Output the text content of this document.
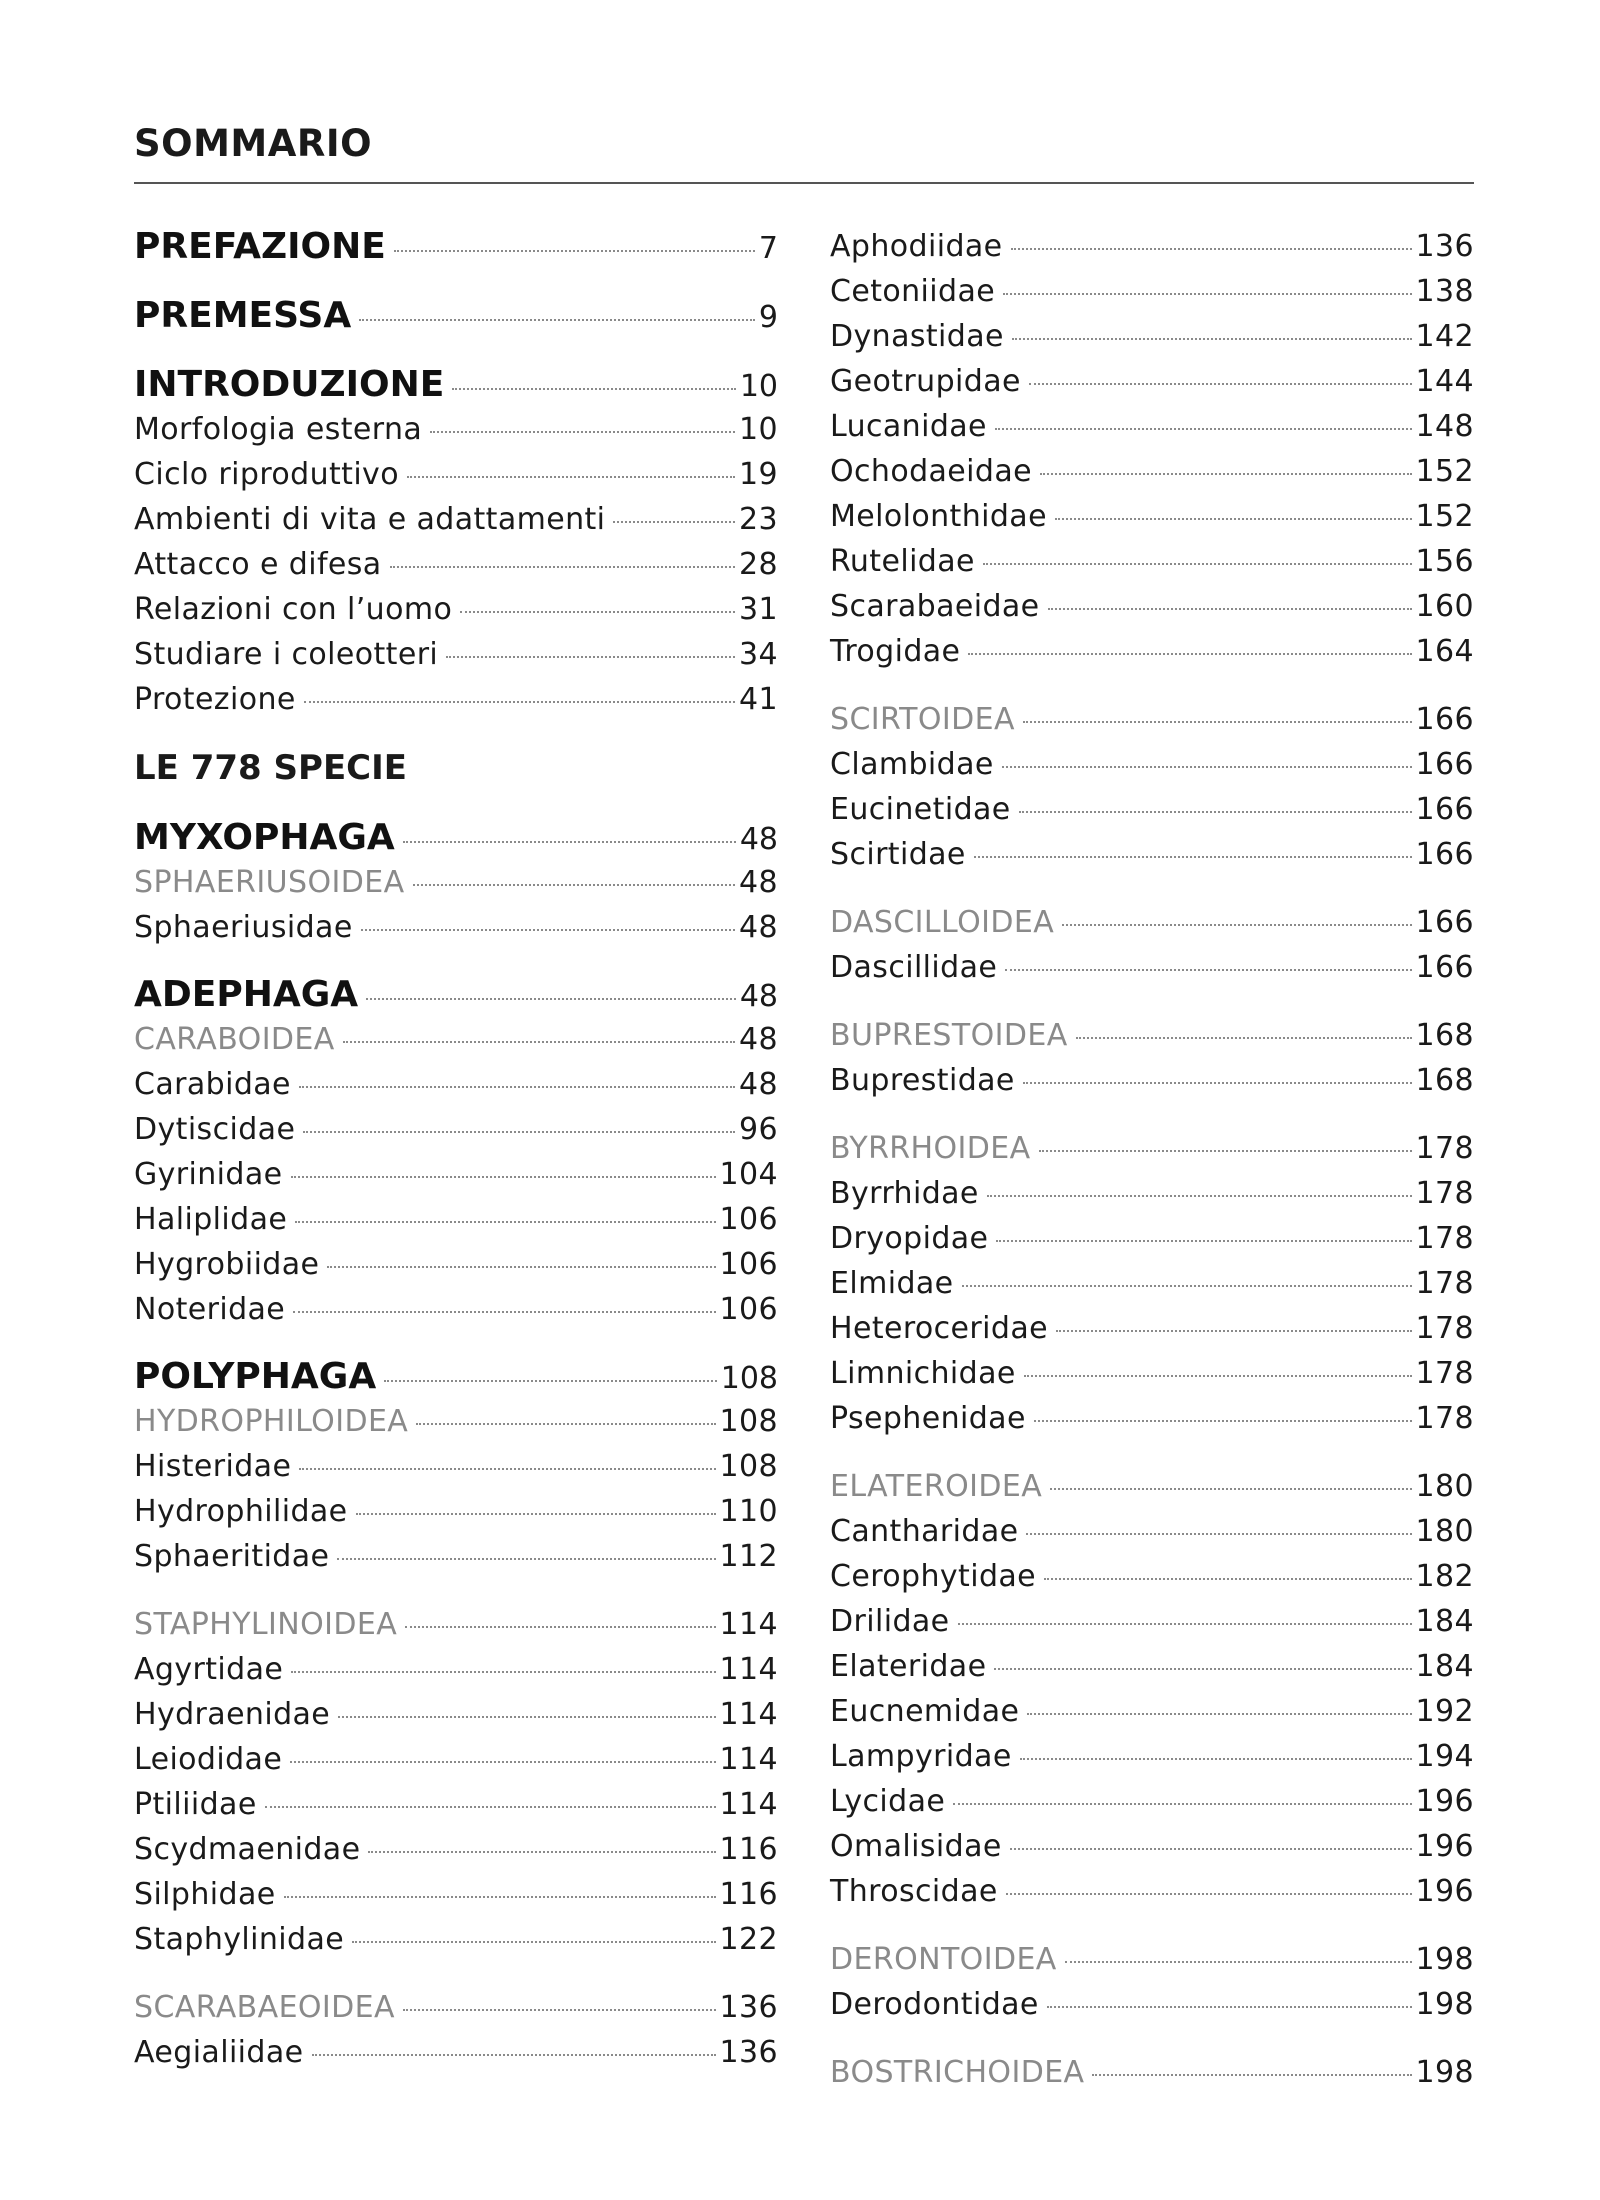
SOMMARIO
PREFAZIONE	7
PREMESSA	9
INTRODUZIONE	10
Morfologia esterna	10
Ciclo riproduttivo	19
Ambienti di vita e adattamenti	23
Attacco e difesa	28
Relazioni con l’uomo	31
Studiare i coleotteri	34
Protezione	41
LE 778 SPECIE
MYXOPHAGA	48
SPHAERIUSOIDEA	48
Sphaeriusidae	48
ADEPHAGA	48
CARABOIDEA	48
Carabidae	48
Dytiscidae	96
Gyrinidae	104
Haliplidae	106
Hygrobiidae	106
Noteridae	106
POLYPHAGA	108
HYDROPHILOIDEA	108
Histeridae	108
Hydrophilidae	110
Sphaeritidae	112
STAPHYLINOIDEA	114
Agyrtidae	114
Hydraenidae	114
Leiodidae	114
Ptiliidae	114
Scydmaenidae	116
Silphidae	116
Staphylinidae	122
SCARABAEOIDEA	136
Aegialiidae	136
Aphodiidae	136
Cetoniidae	138
Dynastidae	142
Geotrupidae	144
Lucanidae	148
Ochodaeidae	152
Melolonthidae	152
Rutelidae	156
Scarabaeidae	160
Trogidae	164
SCIRTOIDEA	166
Clambidae	166
Eucinetidae	166
Scirtidae	166
DASCILLOIDEA	166
Dascillidae	166
BUPRESTOIDEA	168
Buprestidae	168
BYRRHOIDEA	178
Byrrhidae	178
Dryopidae	178
Elmidae	178
Heteroceridae	178
Limnichidae	178
Psephenidae	178
ELATEROIDEA	180
Cantharidae	180
Cerophytidae	182
Drilidae	184
Elateridae	184
Eucnemidae	192
Lampyridae	194
Lycidae	196
Omalisidae	196
Throscidae	196
DERONTOIDEA	198
Derodontidae	198
BOSTRICHOIDEA	198
